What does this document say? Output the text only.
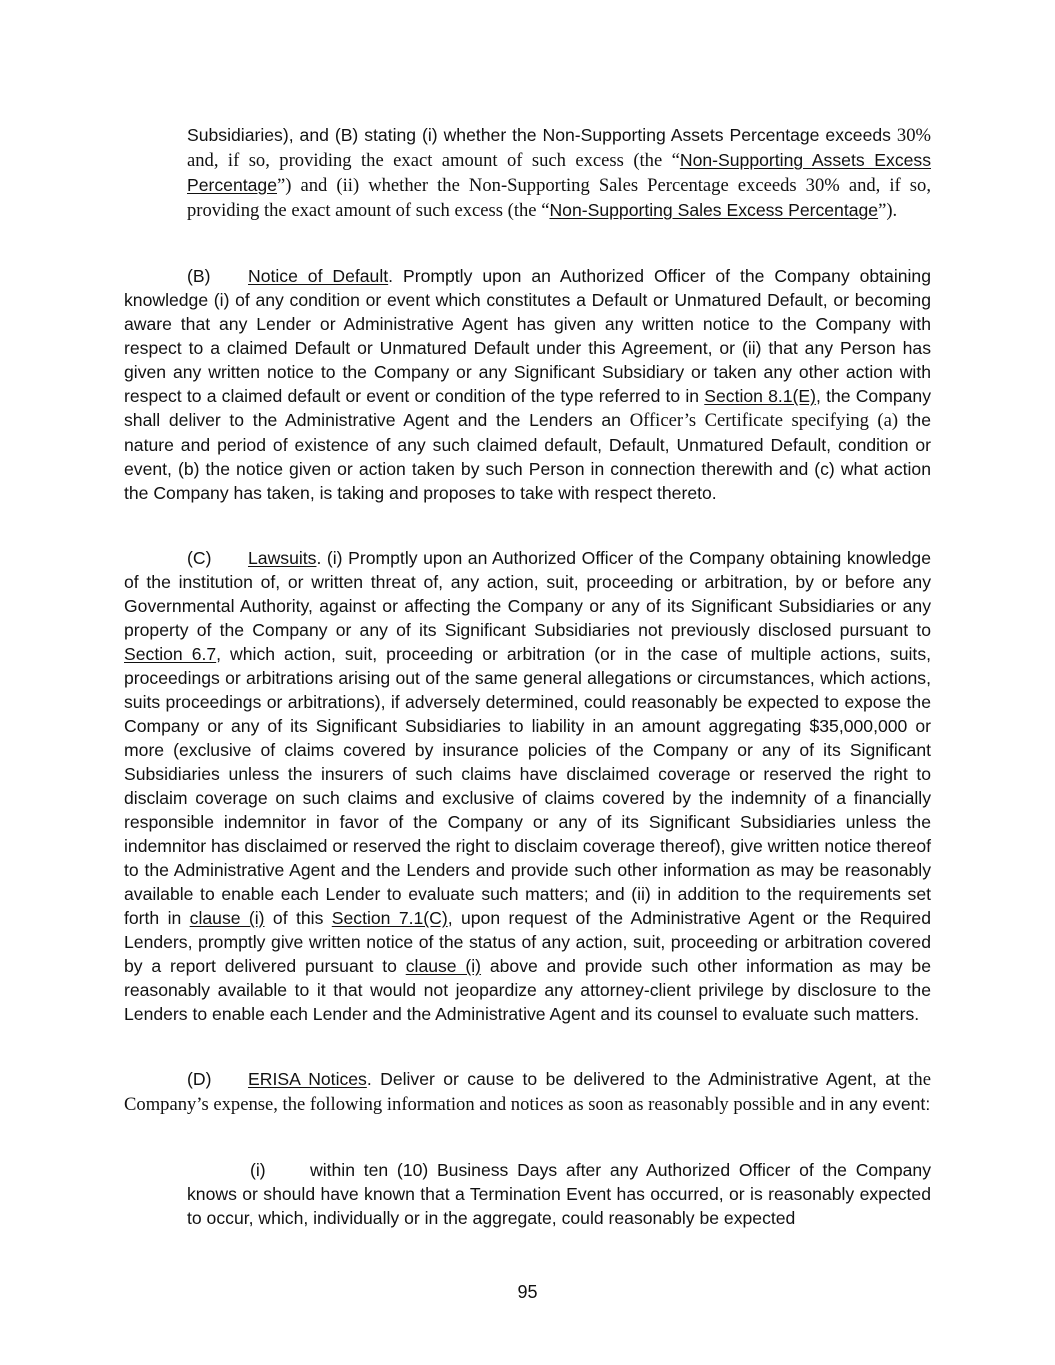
Subsidiaries), and (B) stating (i) whether the Non-Supporting Assets Percentage exceeds 30% and, if so, providing the exact amount of such excess (the “Non-Supporting Assets Excess Percentage”) and (ii) whether the Non-Supporting Sales Percentage exceeds 30% and, if so, providing the exact amount of such excess (the “Non-Supporting Sales Excess Percentage”).

(B) Notice of Default. Promptly upon an Authorized Officer of the Company obtaining knowledge (i) of any condition or event which constitutes a Default or Unmatured Default, or becoming aware that any Lender or Administrative Agent has given any written notice to the Company with respect to a claimed Default or Unmatured Default under this Agreement, or (ii) that any Person has given any written notice to the Company or any Significant Subsidiary or taken any other action with respect to a claimed default or event or condition of the type referred to in Section 8.1(E), the Company shall deliver to the Administrative Agent and the Lenders an Officer’s Certificate specifying (a) the nature and period of existence of any such claimed default, Default, Unmatured Default, condition or event, (b) the notice given or action taken by such Person in connection therewith and (c) what action the Company has taken, is taking and proposes to take with respect thereto.

(C) Lawsuits. (i) Promptly upon an Authorized Officer of the Company obtaining knowledge of the institution of, or written threat of, any action, suit, proceeding or arbitration, by or before any Governmental Authority, against or affecting the Company or any of its Significant Subsidiaries or any property of the Company or any of its Significant Subsidiaries not previously disclosed pursuant to Section 6.7, which action, suit, proceeding or arbitration (or in the case of multiple actions, suits, proceedings or arbitrations arising out of the same general allegations or circumstances, which actions, suits proceedings or arbitrations), if adversely determined, could reasonably be expected to expose the Company or any of its Significant Subsidiaries to liability in an amount aggregating $35,000,000 or more (exclusive of claims covered by insurance policies of the Company or any of its Significant Subsidiaries unless the insurers of such claims have disclaimed coverage or reserved the right to disclaim coverage on such claims and exclusive of claims covered by the indemnity of a financially responsible indemnitor in favor of the Company or any of its Significant Subsidiaries unless the indemnitor has disclaimed or reserved the right to disclaim coverage thereof), give written notice thereof to the Administrative Agent and the Lenders and provide such other information as may be reasonably available to enable each Lender to evaluate such matters; and (ii) in addition to the requirements set forth in clause (i) of this Section 7.1(C), upon request of the Administrative Agent or the Required Lenders, promptly give written notice of the status of any action, suit, proceeding or arbitration covered by a report delivered pursuant to clause (i) above and provide such other information as may be reasonably available to it that would not jeopardize any attorney-client privilege by disclosure to the Lenders to enable each Lender and the Administrative Agent and its counsel to evaluate such matters.

(D) ERISA Notices. Deliver or cause to be delivered to the Administrative Agent, at the Company’s expense, the following information and notices as soon as reasonably possible and in any event:

(i)	within ten (10) Business Days after any Authorized Officer of the Company knows or should have known that a Termination Event has occurred, or is reasonably expected to occur, which, individually or in the aggregate, could reasonably be expected

95
